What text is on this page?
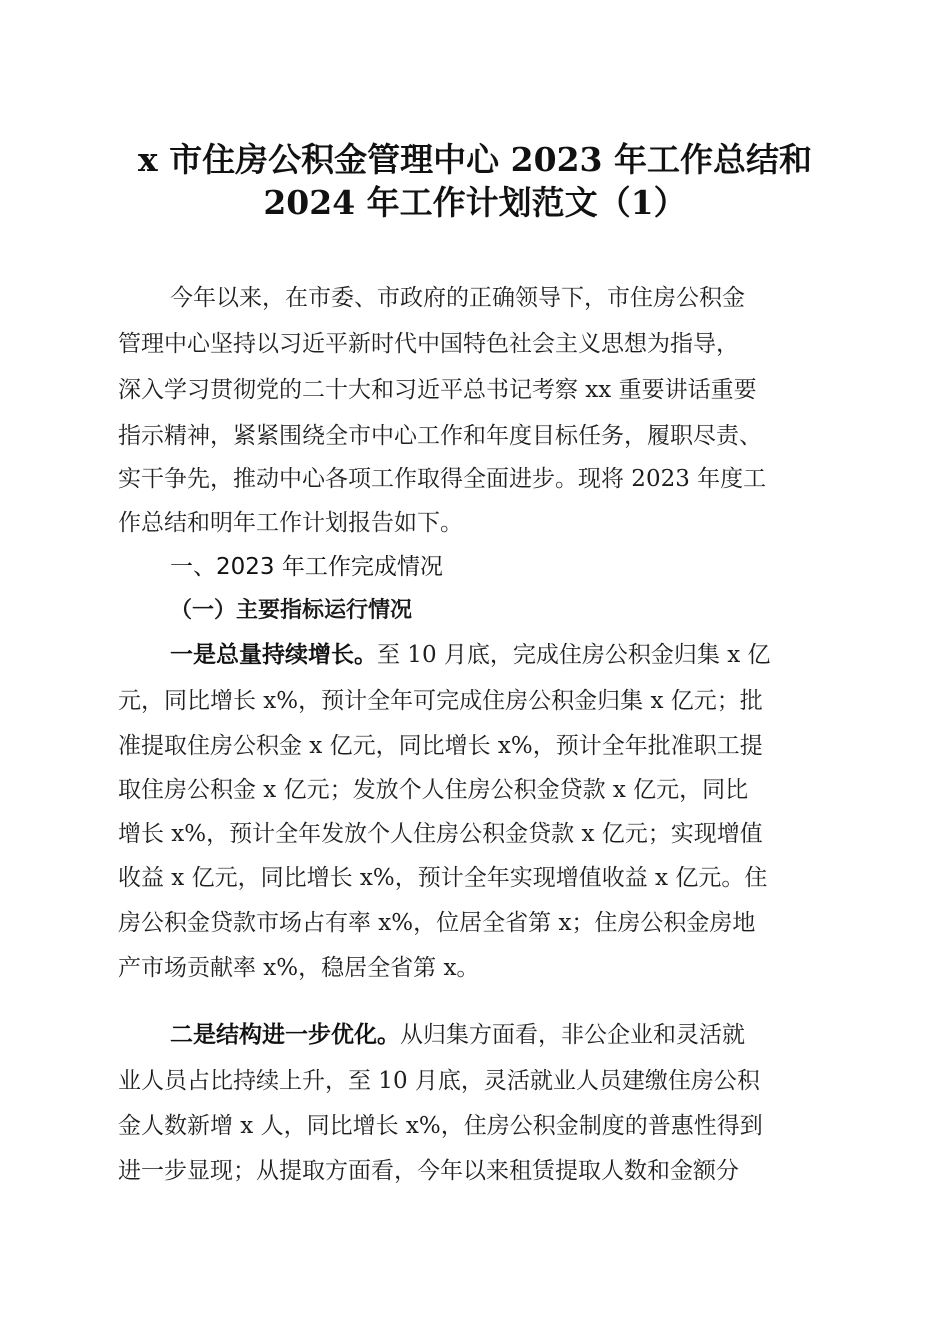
x 市住房公积金管理中心 2023 年工作总结和
2024 年工作计划范文（1）
今年以来，在市委、市政府的正确领导下，市住房公积金
管理中心坚持以习近平新时代中国特色社会主义思想为指导，
深入学习贯彻党的二十大和习近平总书记考察 xx 重要讲话重要
指示精神，紧紧围绕全市中心工作和年度目标任务，履职尽责、
实干争先，推动中心各项工作取得全面进步。现将 2023 年度工
作总结和明年工作计划报告如下。
一、2023 年工作完成情况
（一）主要指标运行情况
一是总量持续增长。至 10 月底，完成住房公积金归集 x 亿
元，同比增长 x%，预计全年可完成住房公积金归集 x 亿元；批
准提取住房公积金 x 亿元，同比增长 x%，预计全年批准职工提
取住房公积金 x 亿元；发放个人住房公积金贷款 x 亿元，同比
增长 x%，预计全年发放个人住房公积金贷款 x 亿元；实现增值
收益 x 亿元，同比增长 x%，预计全年实现增值收益 x 亿元。住
房公积金贷款市场占有率 x%，位居全省第 x；住房公积金房地
产市场贡献率 x%，稳居全省第 x。
二是结构进一步优化。从归集方面看，非公企业和灵活就
业人员占比持续上升，至 10 月底，灵活就业人员建缴住房公积
金人数新增 x 人，同比增长 x%，住房公积金制度的普惠性得到
进一步显现；从提取方面看，今年以来租赁提取人数和金额分
